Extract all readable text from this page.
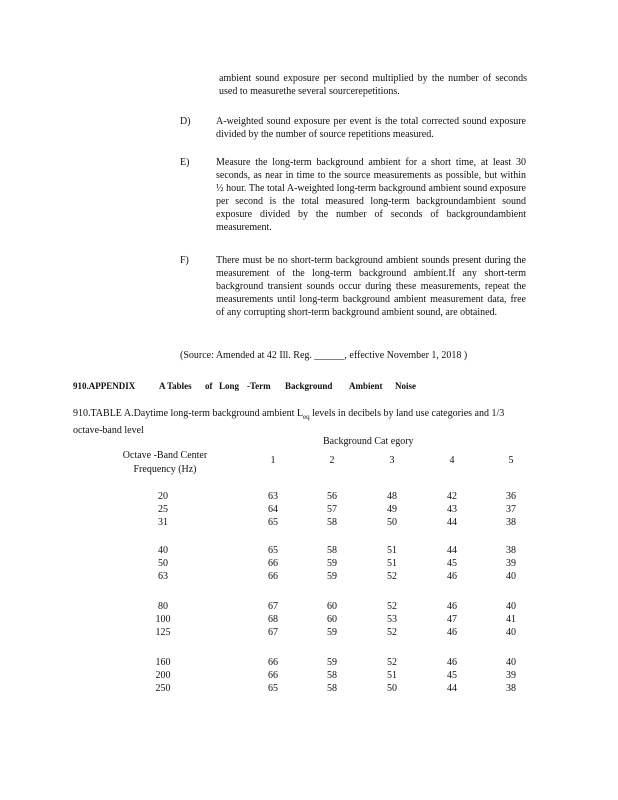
ambient sound exposure per second multiplied by the number of seconds used to measurethe several sourcerepetitions.

D)	A-weighted sound exposure per event is the total corrected sound exposure divided by the number of source repetitions measured.

E)	Measure the long-term background ambient for a short time, at least 30 seconds, as near in time to the source measurements as possible, but within ½ hour. The total A-weighted long-term background ambient sound exposure per second is the total measured long-term backgroundambient sound exposure divided by the number of seconds of backgroundambient measurement.

F)	There must be no short-term background ambient sounds present during the measurement of the long-term background ambient.If any short-term background transient sounds occur during these measurements, repeat the measurements until long-term background ambient measurement data, free of any corrupting short-term background ambient sound, are obtained.

(Source: Amended at 42 Ill. Reg. ______, effective November 1, 2018 )

910.APPENDIX	A Tables of Long -Term Background Ambient Noise

910.TABLE A.Daytime long-term background ambient $L_{eq}$ levels in decibels by land use categories and 1/3 octave-band level

Background Cat egory
Octave -Band Center
Frequency (Hz)
1	2	3	4	5
20	63	56	48	42	36
25	64	57	49	43	37
31	65	58	50	44	38
40	65	58	51	44	38
50	66	59	51	45	39
63	66	59	52	46	40
80	67	60	52	46	40
100	68	60	53	47	41
125	67	59	52	46	40
160	66	59	52	46	40
200	66	58	51	45	39
250	65	58	50	44	38
